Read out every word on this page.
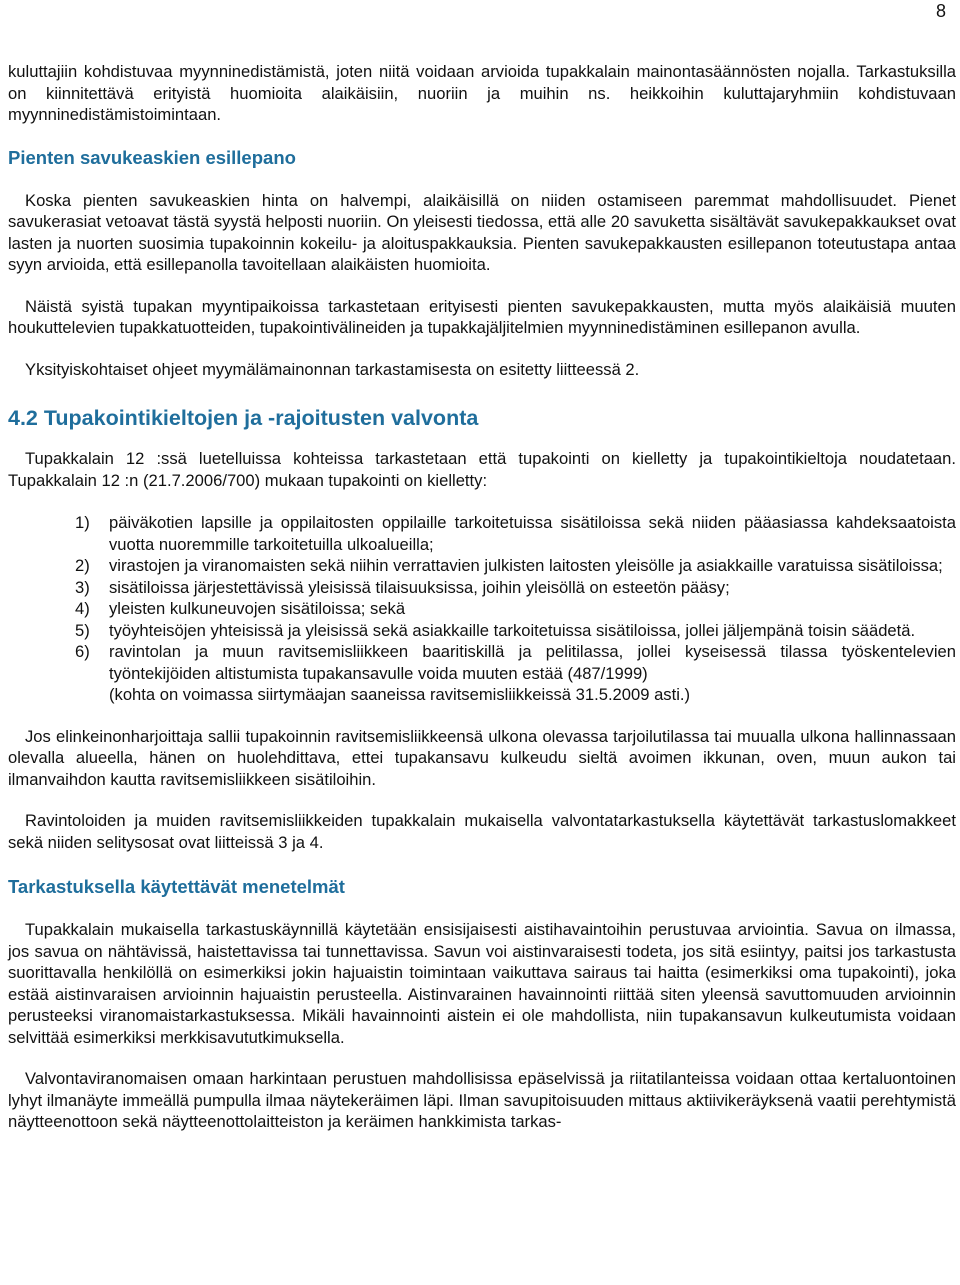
8

kuluttajiin kohdistuvaa myynninedistämistä, joten niitä voidaan arvioida tupakkalain mainontasäännösten nojalla. Tarkastuksilla on kiinnitettävä erityistä huomioita alaikäisiin, nuoriin ja muihin ns. heikkoihin kuluttajaryhmiin kohdistuvaan myynninedistämistoimintaan.

Pienten savukeaskien esillepano

Koska pienten savukeaskien hinta on halvempi, alaikäisillä on niiden ostamiseen paremmat mahdollisuudet. Pienet savukerasiat vetoavat tästä syystä helposti nuoriin. On yleisesti tiedossa, että alle 20 savuketta sisältävät savukepakkaukset ovat lasten ja nuorten suosimia tupakoinnin kokeilu- ja aloituspakkauksia. Pienten savukepakkausten esillepanon toteutustapa antaa syyn arvioida, että esillepanolla tavoitellaan alaikäisten huomioita.

Näistä syistä tupakan myyntipaikoissa tarkastetaan erityisesti pienten savukepakkausten, mutta myös alaikäisiä muuten houkuttelevien tupakkatuotteiden, tupakointivälineiden ja tupakkajäljitelmien myynninedistäminen esillepanon avulla.

Yksityiskohtaiset ohjeet myymälämainonnan tarkastamisesta on esitetty liitteessä 2.

4.2 Tupakointikieltojen ja -rajoitusten valvonta

Tupakkalain 12 :ssä luetelluissa kohteissa tarkastetaan että tupakointi on kielletty ja tupakointikieltoja noudatetaan. Tupakkalain 12 :n (21.7.2006/700) mukaan tupakointi on kielletty:

1) päiväkotien lapsille ja oppilaitosten oppilaille tarkoitetuissa sisätiloissa sekä niiden pääasiassa kahdeksaatoista vuotta nuoremmille tarkoitetuilla ulkoalueilla;
2) virastojen ja viranomaisten sekä niihin verrattavien julkisten laitosten yleisölle ja asiakkaille varatuissa sisätiloissa;
3) sisätiloissa järjestettävissä yleisissä tilaisuuksissa, joihin yleisöllä on esteetön pääsy;
4) yleisten kulkuneuvojen sisätiloissa; sekä
5) työyhteisöjen yhteisissä ja yleisissä sekä asiakkaille tarkoitetuissa sisätiloissa, jollei jäljempänä toisin säädetä.
6) ravintolan ja muun ravitsemisliikkeen baaritiskillä ja pelitilassa, jollei kyseisessä tilassa työskentelevien työntekijöiden altistumista tupakansavulle voida muuten estää (487/1999)

(kohta on voimassa siirtymäajan saaneissa ravitsemisliikkeissä 31.5.2009 asti.)

Jos elinkeinonharjoittaja sallii tupakoinnin ravitsemisliikkeensä ulkona olevassa tarjoilutilassa tai muualla ulkona hallinnassaan olevalla alueella, hänen on huolehdittava, ettei tupakansavu kulkeudu sieltä avoimen ikkunan, oven, muun aukon tai ilmanvaihdon kautta ravitsemisliikkeen sisätiloihin.

Ravintoloiden ja muiden ravitsemisliikkeiden tupakkalain mukaisella valvontatarkastuksella käytettävät tarkastuslomakkeet sekä niiden selitysosat ovat liitteissä 3 ja 4.

Tarkastuksella käytettävät menetelmät

Tupakkalain mukaisella tarkastuskäynnillä käytetään ensisijaisesti aistihavaintoihin perustuvaa arviointia. Savua on ilmassa, jos savua on nähtävissä, haistettavissa tai tunnettavissa. Savun voi aistinvaraisesti todeta, jos sitä esiintyy, paitsi jos tarkastusta suorittavalla henkilöllä on esimerkiksi jokin hajuaistin toimintaan vaikuttava sairaus tai haitta (esimerkiksi oma tupakointi), joka estää aistinvaraisen arvioinnin hajuaistin perusteella. Aistinvarainen havainnointi riittää siten yleensä savuttomuuden arvioinnin perusteeksi viranomaistarkastuksessa. Mikäli havainnointi aistein ei ole mahdollista, niin tupakansavun kulkeutumista voidaan selvittää esimerkiksi merkkisavututkimuksella.

Valvontaviranomaisen omaan harkintaan perustuen mahdollisissa epäselvissä ja riitatilanteissa voidaan ottaa kertaluontoinen lyhyt ilmanäyte immeällä pumpulla ilmaa näytekeräimen läpi. Ilman savupitoisuuden mittaus aktiivikeräyksenä vaatii perehtymistä näytteenottoon sekä näytteenottolaitteiston ja keräimen hankkimista tarkas-
